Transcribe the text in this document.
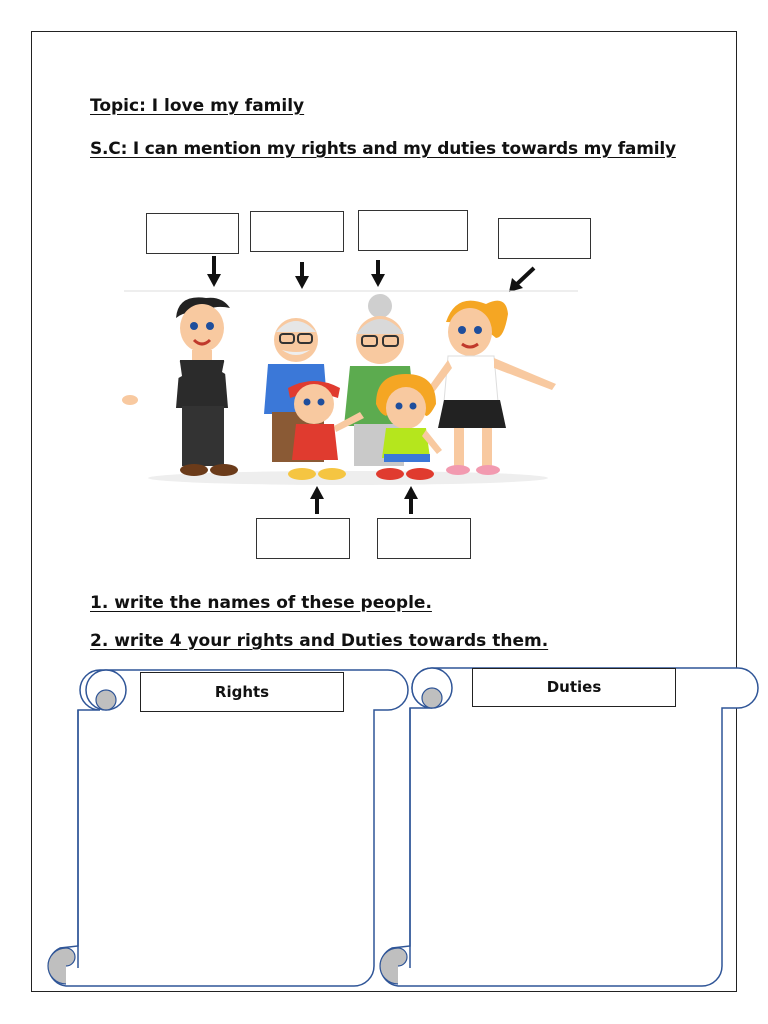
Topic: I love my family

S.C: I can mention my rights and my duties towards my family

1. write the names of these people.

2. write 4 your rights and Duties towards them.

Rights	Duties
